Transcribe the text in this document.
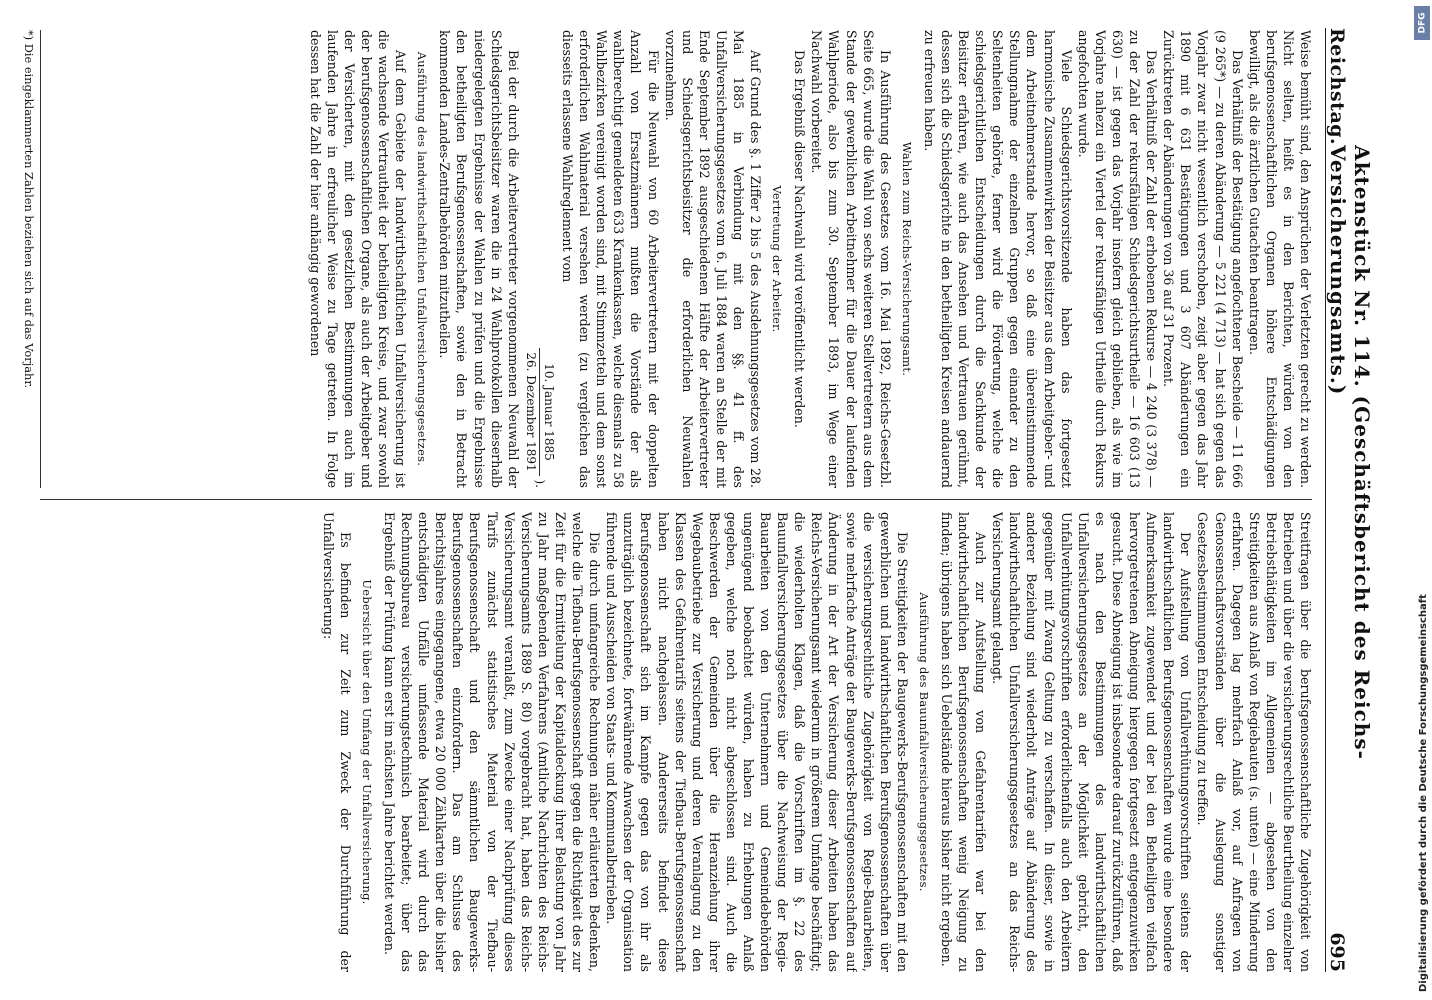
Reichstag.
Aktenstück Nr. 114. (Geschäftsbericht des Reichs-Versicherungsamts.)
695

Weise bemüht sind, den Ansprüchen der Verletzten gerecht zu werden. Nicht selten, heißt es in den Berichten, würden von den berufsgenossenschaftlichen Organen höhere Entschädigungen bewilligt, als die ärztlichen Gutachten beantragen.

Das Verhältniß der Bestätigung angefochtener Bescheide — 11 666 (9 265*) — zu deren Abänderung — 5 221 (4 713) — hat sich gegen das Vorjahr zwar nicht wesentlich verschoben, zeigt aber gegen das Jahr 1890 mit 6 631 Bestätigungen und 3 607 Abänderungen ein Zurücktreten der Abänderungen von 36 auf 31 Prozent.

Das Verhältniß der Zahl der erhobenen Rekurse — 4 240 (3 378) — zu der Zahl der rekursfähigen Schiedsgerichtsurtheile — 16 603 (13 630) — ist gegen das Vorjahr insofern gleich geblieben, als wie im Vorjahre nahezu ein Viertel der rekursfähigen Urtheile durch Rekurs angefochten wurde.

Viele Schiedsgerichtsvorsitzende haben das fortgesetzt harmonische Zusammenwirken der Beisitzer aus dem Arbeitgeber- und dem Arbeitnehmerstande hervor, so daß eine übereinstimmende Stellungnahme der einzelnen Gruppen gegen einander zu den Seltenheiten gehörte, ferner wird die Förderung, welche die schiedsgerichtlichen Entscheidungen durch die Sachkunde der Beisitzer erfahren, wie auch das Ansehen und Vertrauen gerühmt, dessen sich die Schiedsgerichte in den betheiligten Kreisen andauernd zu erfreuen haben.

Wahlen zum Reichs-Versicherungsamt.

In Ausführung des Gesetzes vom 16. Mai 1892, Reichs-Gesetzbl. Seite 665, wurde die Wahl von sechs weiteren Stellvertretern aus dem Stande der gewerblichen Arbeitnehmer für die Dauer der laufenden Wahlperiode, also bis zum 30. September 1893, im Wege einer Nachwahl vorbereitet.

Das Ergebniß dieser Nachwahl wird veröffentlicht werden.

Vertretung der Arbeiter.

Auf Grund des §. 1 Ziffer 2 bis 5 des Ausdehnungsgesetzes vom 28. Mai 1885 in Verbindung mit den §§. 41 ff. des Unfallversicherungsgesetzes vom 6. Juli 1884 waren an Stelle der mit Ende September 1892 ausgeschiedenen Hälfte der Arbeitervertreter und Schiedsgerichtsbeisitzer die erforderlichen Neuwahlen vorzunehmen.

Für die Neuwahl von 60 Arbeitervertretern mit der doppelten Anzahl von Ersatzmännern mußten die Vorstände der als wahlberechtigt gemeldeten 633 Krankenkassen, welche diesmals zu 58 Wahlbezirken vereinigt worden sind, mit Stimmzetteln und dem sonst erforderlichen Wahlmaterial versehen werden (zu vergleichen das diesseits erlassene Wahlreglement vom

10. Januar 1885
26. Dezember 1891
).

Bei der durch die Arbeitervertreter vorgenommenen Neuwahl der Schiedsgerichtsbeisitzer waren die in 24 Wahlprotokollen dieserhalb niedergelegten Ergebnisse der Wahlen zu prüfen und die Ergebnisse den betheiligten Berufsgenossenschaften, sowie den in Betracht kommenden Landes-Zentralbehörden mitzutheilen.

Ausführung des landwirthschaftlichen Unfallversicherungsgesetzes.

Auf dem Gebiete der landwirthschaftlichen Unfallversicherung ist die wachsende Vertrautheit der betheiligten Kreise, und zwar sowohl der berufsgenossenschaftlichen Organe, als auch der Arbeitgeber und der Versicherten, mit den gesetzlichen Bestimmungen auch im laufenden Jahre in erfreulicher Weise zu Tage getreten. In Folge dessen hat die Zahl der hier anhängig gewordenen

*) Die eingeklammerten Zahlen beziehen sich auf das Vorjahr.

Streitfragen über die berufsgenossenschaftliche Zugehörigkeit von Betrieben und über die versicherungsrechtliche Beurtheilung einzelner Betriebsthätigkeiten im Allgemeinen — abgesehen von den Streitigkeiten aus Anlaß von Regiebauten (s. unten) — eine Minderung erfahren. Dagegen lag mehrfach Anlaß vor, auf Anfragen von Genossenschaftsvorständen über die Auslegung sonstiger Gesetzesbestimmungen Entscheidung zu treffen.

Der Aufstellung von Unfallverhütungsvorschriften seitens der landwirthschaftlichen Berufsgenossenschaften wurde eine besondere Aufmerksamkeit zugewendet und der bei den Betheiligten vielfach hervorgetretenen Abneigung hiergegen fortgesetzt entgegenzuwirken gesucht. Diese Abneigung ist insbesondere darauf zurückzuführen, daß es nach den Bestimmungen des landwirthschaftlichen Unfallversicherungsgesetzes an der Möglichkeit gebricht, den Unfallverhütungsvorschriften erforderlichenfalls auch den Arbeitern gegenüber mit Zwang Geltung zu verschaffen. In dieser, sowie in anderer Beziehung sind wiederholt Anträge auf Abänderung des landwirthschaftlichen Unfallversicherungsgesetzes an das Reichs-Versicherungsamt gelangt.

Auch zur Aufstellung von Gefahrentarifen war bei den landwirthschaftlichen Berufsgenossenschaften wenig Neigung zu finden; übrigens haben sich Uebelstände hieraus bisher nicht ergeben.

Ausführung des Bauunfallversicherungsgesetzes.

Die Streitigkeiten der Baugewerks-Berufsgenossenschaften mit den gewerblichen und landwirthschaftlichen Berufsgenossenschaften über die versicherungsrechtliche Zugehörigkeit von Regie-Bauarbeiten, sowie mehrfache Anträge der Baugewerks-Berufsgenossenschaften auf Änderung in der Art der Versicherung dieser Arbeiten haben das Reichs-Versicherungsamt wiederum in größerem Umfange beschäftigt; die wiederholten Klagen, daß die Vorschriften im §. 22 des Bauunfallversicherungsgesetzes über die Nachweisung der Regie-Bauarbeiten von den Unternehmern und Gemeindebehörden ungenügend beobachtet würden, haben zu Erhebungen Anlaß gegeben, welche noch nicht abgeschlossen sind. Auch die Beschwerden der Gemeinden über die Heranziehung ihrer Wegebaubetriebe zur Versicherung und deren Veranlagung zu den Klassen des Gefahrentarifs seitens der Tiefbau-Berufsgenossenschaft haben nicht nachgelassen. Andererseits befindet diese Berufsgenossenschaft sich im Kampfe gegen das von ihr als unzuträglich bezeichnete, fortwährende Anwachsen der Organisation führende und Ausscheiden von Staats- und Kommunalbetrieben.

Die durch umfangreiche Rechnungen näher erläuterten Bedenken, welche die Tiefbau-Berufsgenossenschaft gegen die Richtigkeit des zur Zeit für die Ermittelung der Kapitaldeckung ihrer Belastung von Jahr zu Jahr maßgebenden Verfahrens (Amtliche Nachrichten des Reichs-Versicherungsamts 1889 S. 80) vorgebracht hat, haben das Reichs-Versicherungsamt veranlaßt, zum Zwecke einer Nachprüfung dieses Tarifs zunächst statistisches Material von der Tiefbau-Berufsgenossenschaft und den sämmtlichen Baugewerks-Berufsgenossenschaften einzufordern. Das am Schlusse des Berichtsjahres eingegangene, etwa 20 000 Zählkarten über die bisher entschädigten Unfälle umfassende Material wird durch das Rechnungsbureau versicherungstechnisch bearbeitet; über das Ergebniß der Prüfung kann erst im nächsten Jahre berichtet werden.

Uebersicht über den Umfang der Unfallversicherung.

Es befinden zur Zeit zum Zweck der Durchführung der Unfallversicherung:

DFG
Digitalisierung gefördert durch die Deutsche Forschungsgemeinschaft
